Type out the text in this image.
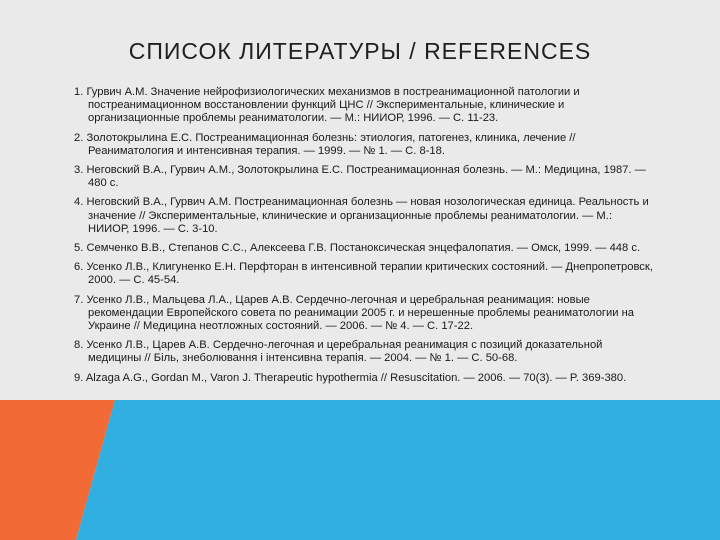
СПИСОК ЛИТЕРАТУРЫ / REFERENCES
1. Гурвич А.М. Значение нейрофизиологических механизмов в постреанимационной патологии и постреанимационном восстановлении функций ЦНС // Экспериментальные, клинические и организационные проблемы реаниматологии. — М.: НИИОР, 1996. — С. 11-23.
2. Золотокрылина Е.С. Постреанимационная болезнь: этиология, патогенез, клиника, лечение // Реаниматология и интенсивная терапия. — 1999. — № 1. — С. 8-18.
3. Неговский В.А., Гурвич А.М., Золотокрылина Е.С. Постреанимационная болезнь. — М.: Медицина, 1987. — 480 с.
4. Неговский В.А., Гурвич А.М. Постреанимационная болезнь — новая нозологическая единица. Реальность и значение // Экспериментальные, клинические и организационные проблемы реаниматологии. — М.: НИИОР, 1996. — С. 3-10.
5. Семченко В.В., Степанов С.С., Алексеева Г.В. Постаноксическая энцефалопатия. — Омск, 1999. — 448 с.
6. Усенко Л.В., Клигуненко Е.Н. Перфторан в интенсивной терапии критических состояний. — Днепропетровск, 2000. — С. 45-54.
7. Усенко Л.В., Мальцева Л.А., Царев А.В. Сердечно-легочная и церебральная реанимация: новые рекомендации Европейского совета по реанимации 2005 г. и нерешенные проблемы реаниматологии на Украине // Медицина неотложных состояний. — 2006. — № 4. — С. 17-22.
8. Усенко Л.В., Царев А.В. Сердечно-легочная и церебральная реанимация с позиций доказательной медицины // Біль, знеболювання і інтенсивна терапія. — 2004. — № 1. — С. 50-68.
9. Alzaga A.G., Gordan M., Varon J. Therapeutic hypothermia // Resuscitation. — 2006. — 70(3). — P. 369-380.
